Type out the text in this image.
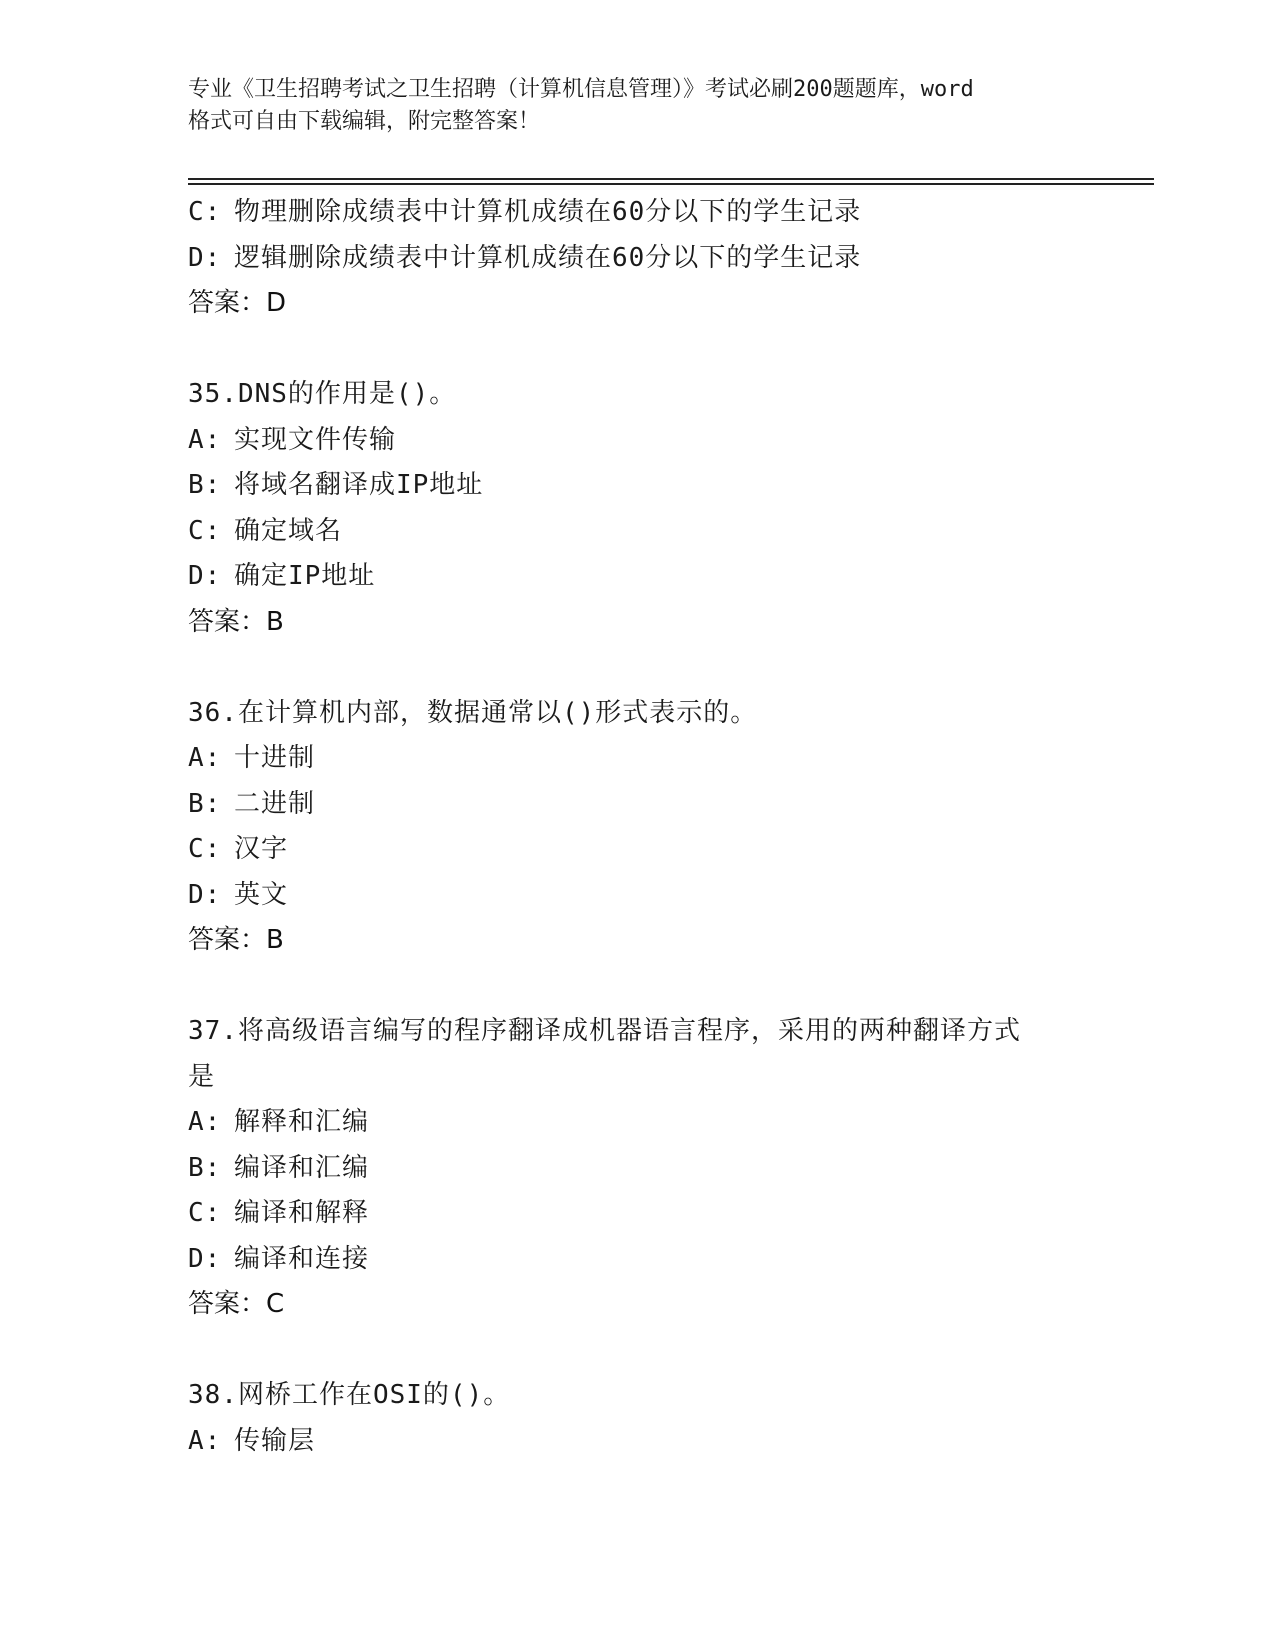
专业《卫生招聘考试之卫生招聘（计算机信息管理）》考试必刷200题题库，word
格式可自由下载编辑，附完整答案！
C: 物理删除成绩表中计算机成绩在60分以下的学生记录
D: 逻辑删除成绩表中计算机成绩在60分以下的学生记录
答案：D
35.DNS的作用是()。
A: 实现文件传输
B: 将域名翻译成IP地址
C: 确定域名
D: 确定IP地址
答案：B
36.在计算机内部，数据通常以()形式表示的。
A: 十进制
B: 二进制
C: 汉字
D: 英文
答案：B
37.将高级语言编写的程序翻译成机器语言程序，采用的两种翻译方式
是
A: 解释和汇编
B: 编译和汇编
C: 编译和解释
D: 编译和连接
答案：C
38.网桥工作在OSI的()。
A: 传输层
